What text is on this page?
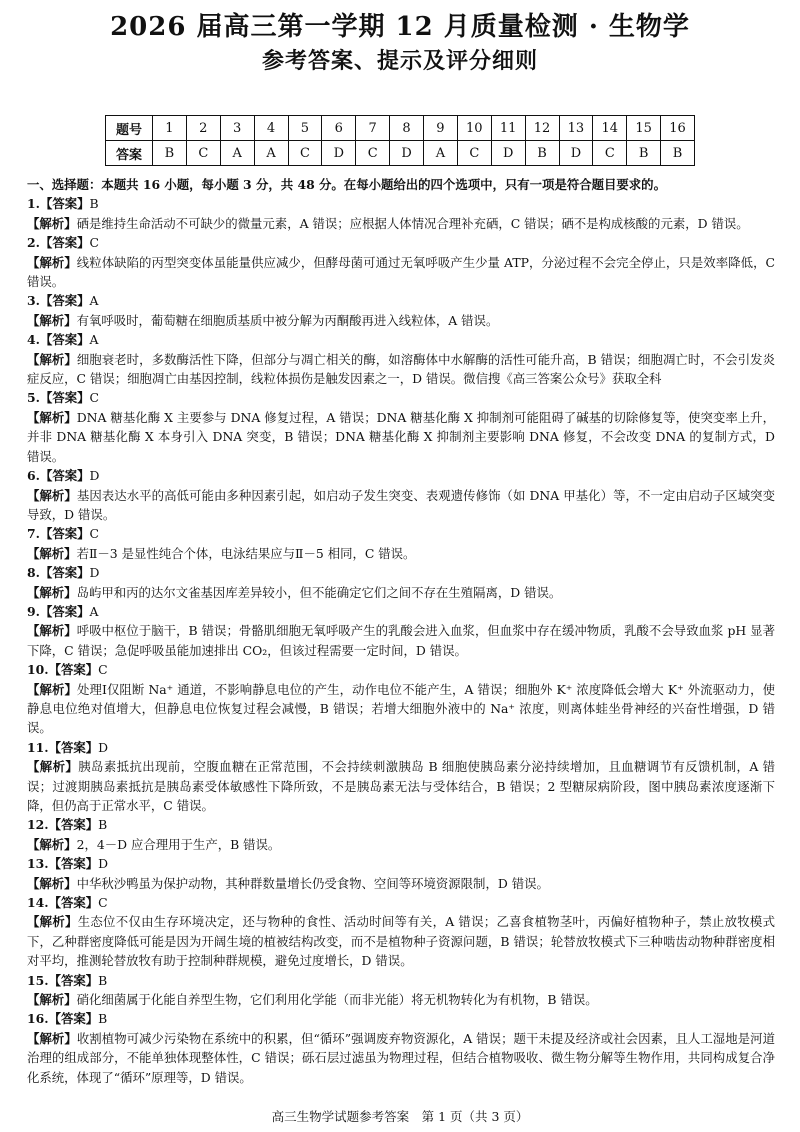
2026 届高三第一学期 12 月质量检测 · 生物学
参考答案、提示及评分细则
题号	1	2	3	4	5	6	7	8	9	10	11	12	13	14	15	16
答案	B	C	A	A	C	D	C	D	A	C	D	B	D	C	B	B
一、选择题：本题共 16 小题，每小题 3 分，共 48 分。在每小题给出的四个选项中，只有一项是符合题目要求的。
1.【答案】B
【解析】硒是维持生命活动不可缺少的微量元素，A 错误；应根据人体情况合理补充硒，C 错误；硒不是构成核酸的元素，D 错误。
2.【答案】C
【解析】线粒体缺陷的丙型突变体虽能量供应减少，但酵母菌可通过无氧呼吸产生少量 ATP，分泌过程不会完全停止，只是效率降低，C 错误。
3.【答案】A
【解析】有氧呼吸时，葡萄糖在细胞质基质中被分解为丙酮酸再进入线粒体，A 错误。
4.【答案】A
【解析】细胞衰老时，多数酶活性下降，但部分与凋亡相关的酶，如溶酶体中水解酶的活性可能升高，B 错误；细胞凋亡时，不会引发炎症反应，C 错误；细胞凋亡由基因控制，线粒体损伤是触发因素之一，D 错误。微信搜《高三答案公众号》获取全科
5.【答案】C
【解析】DNA 糖基化酶 X 主要参与 DNA 修复过程，A 错误；DNA 糖基化酶 X 抑制剂可能阻碍了碱基的切除修复等，使突变率上升，并非 DNA 糖基化酶 X 本身引入 DNA 突变，B 错误；DNA 糖基化酶 X 抑制剂主要影响 DNA 修复，不会改变 DNA 的复制方式，D 错误。
6.【答案】D
【解析】基因表达水平的高低可能由多种因素引起，如启动子发生突变、表观遗传修饰（如 DNA 甲基化）等，不一定由启动子区域突变导致，D 错误。
7.【答案】C
【解析】若Ⅱ－3 是显性纯合个体，电泳结果应与Ⅱ－5 相同，C 错误。
8.【答案】D
【解析】岛屿甲和丙的达尔文雀基因库差异较小，但不能确定它们之间不存在生殖隔离，D 错误。
9.【答案】A
【解析】呼吸中枢位于脑干，B 错误；骨骼肌细胞无氧呼吸产生的乳酸会进入血浆，但血浆中存在缓冲物质，乳酸不会导致血浆 pH 显著下降，C 错误；急促呼吸虽能加速排出 CO₂，但该过程需要一定时间，D 错误。
10.【答案】C
【解析】处理Ⅰ仅阻断 Na⁺ 通道，不影响静息电位的产生，动作电位不能产生，A 错误；细胞外 K⁺ 浓度降低会增大 K⁺ 外流驱动力，使静息电位绝对值增大，但静息电位恢复过程会减慢，B 错误；若增大细胞外液中的 Na⁺ 浓度，则离体蛙坐骨神经的兴奋性增强，D 错误。
11.【答案】D
【解析】胰岛素抵抗出现前，空腹血糖在正常范围，不会持续刺激胰岛 B 细胞使胰岛素分泌持续增加，且血糖调节有反馈机制，A 错误；过渡期胰岛素抵抗是胰岛素受体敏感性下降所致，不是胰岛素无法与受体结合，B 错误；2 型糖尿病阶段，图中胰岛素浓度逐渐下降，但仍高于正常水平，C 错误。
12.【答案】B
【解析】2，4－D 应合理用于生产，B 错误。
13.【答案】D
【解析】中华秋沙鸭虽为保护动物，其种群数量增长仍受食物、空间等环境资源限制，D 错误。
14.【答案】C
【解析】生态位不仅由生存环境决定，还与物种的食性、活动时间等有关，A 错误；乙喜食植物茎叶，丙偏好植物种子，禁止放牧模式下，乙种群密度降低可能是因为开阔生境的植被结构改变，而不是植物种子资源问题，B 错误；轮替放牧模式下三种啮齿动物种群密度相对平均，推测轮替放牧有助于控制种群规模，避免过度增长，D 错误。
15.【答案】B
【解析】硝化细菌属于化能自养型生物，它们利用化学能（而非光能）将无机物转化为有机物，B 错误。
16.【答案】B
【解析】收割植物可减少污染物在系统中的积累，但“循环”强调废弃物资源化，A 错误；题干未提及经济或社会因素，且人工湿地是河道治理的组成部分，不能单独体现整体性，C 错误；砾石层过滤虽为物理过程，但结合植物吸收、微生物分解等生物作用，共同构成复合净化系统，体现了“循环”原理等，D 错误。
高三生物学试题参考答案　第 1 页（共 3 页）
